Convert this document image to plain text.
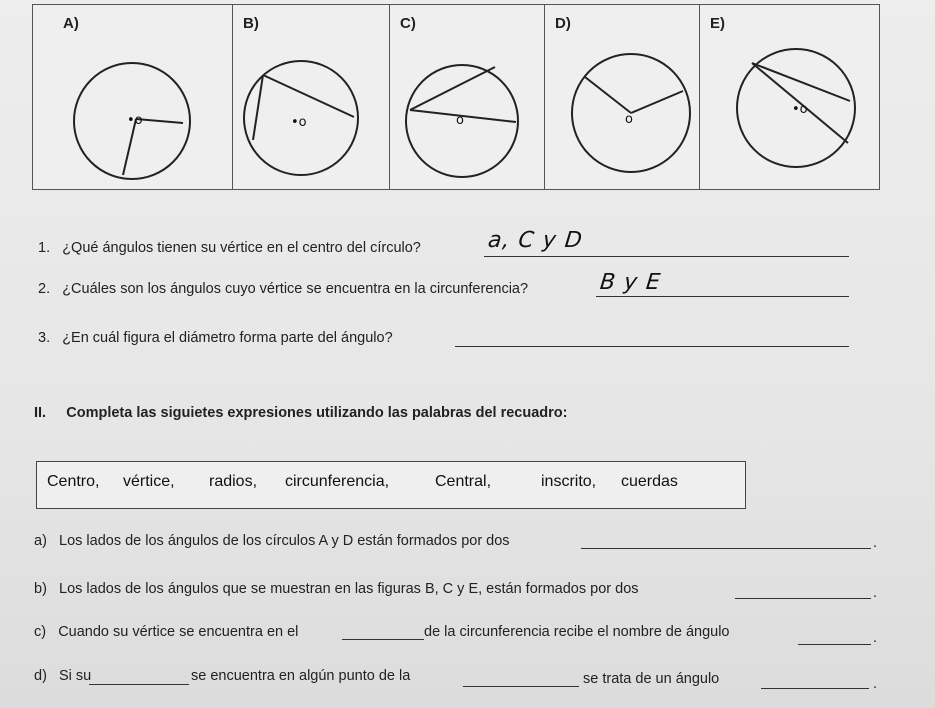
A)
•o
B)
•o
C)
o
D)
o
E)
•o
1. ¿Qué ángulos tienen su vértice en el centro del círculo?	a, C y D
2. ¿Cuáles son los ángulos cuyo vértice se encuentra en la circunferencia?	B y E
3. ¿En cuál figura el diámetro forma parte del ángulo?
II. Completa las siguietes expresiones utilizando las palabras del recuadro:
Centro, vértice, radios, circunferencia,	Central,	inscrito, cuerdas
a) Los lados de los ángulos de los círculos A y D están formados por dos	.
b) Los lados de los ángulos que se muestran en las figuras B, C y E, están formados por dos	.
c) Cuando su vértice se encuentra en el	de la circunferencia recibe el nombre de ángulo	.
d) Si su	se encuentra en algún punto de la	se trata de un ángulo	.
